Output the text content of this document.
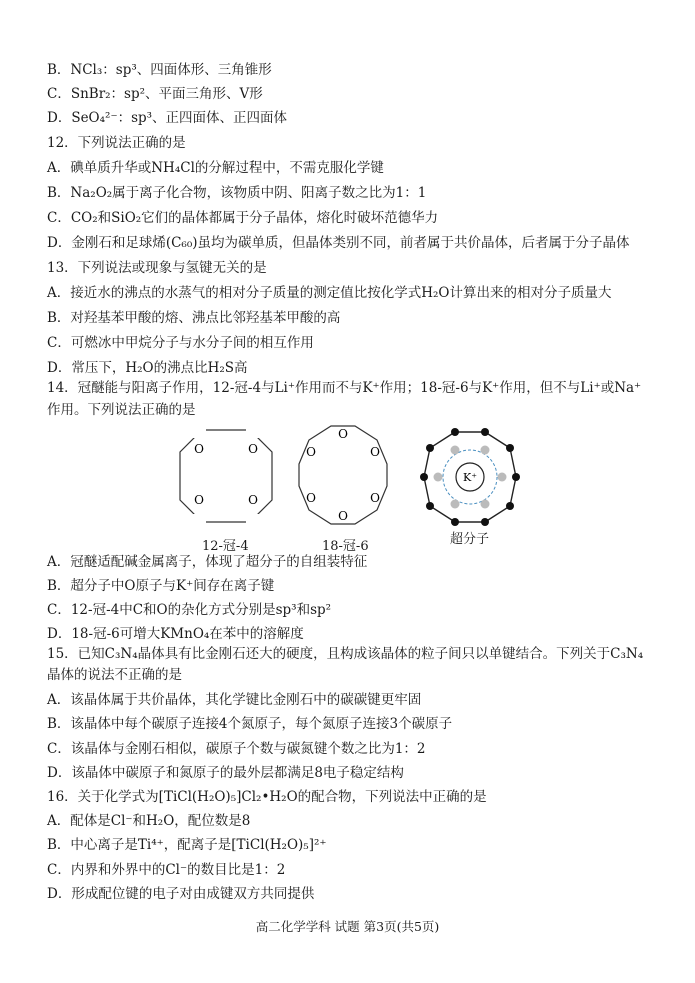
B．NCl₃：sp³、四面体形、三角锥形
C．SnBr₂：sp²、平面三角形、V形
D．SeO₄²⁻：sp³、正四面体、正四面体
12．下列说法正确的是
A．碘单质升华或NH₄Cl的分解过程中，不需克服化学键
B．Na₂O₂属于离子化合物，该物质中阴、阳离子数之比为1：1
C．CO₂和SiO₂它们的晶体都属于分子晶体，熔化时破坏范德华力
D．金刚石和足球烯(C₆₀)虽均为碳单质，但晶体类别不同，前者属于共价晶体，后者属于分子晶体
13．下列说法或现象与氢键无关的是
A．接近水的沸点的水蒸气的相对分子质量的测定值比按化学式H₂O计算出来的相对分子质量大
B．对羟基苯甲酸的熔、沸点比邻羟基苯甲酸的高
C．可燃冰中甲烷分子与水分子间的相互作用
D．常压下，H₂O的沸点比H₂S高
14．冠醚能与阳离子作用，12-冠-4与Li⁺作用而不与K⁺作用；18-冠-6与K⁺作用，但不与Li⁺或Na⁺
作用。下列说法正确的是
O	O
O	O
12-冠-4
O
O
O
O
O
O
18-冠-6
K⁺
超分子
A．冠醚适配碱金属离子，体现了超分子的自组装特征
B．超分子中O原子与K⁺间存在离子键
C．12-冠-4中C和O的杂化方式分别是sp³和sp²
D．18-冠-6可增大KMnO₄在苯中的溶解度
15．已知C₃N₄晶体具有比金刚石还大的硬度，且构成该晶体的粒子间只以单键结合。下列关于C₃N₄
晶体的说法不正确的是
A．该晶体属于共价晶体，其化学键比金刚石中的碳碳键更牢固
B．该晶体中每个碳原子连接4个氮原子，每个氮原子连接3个碳原子
C．该晶体与金刚石相似，碳原子个数与碳氮键个数之比为1：2
D．该晶体中碳原子和氮原子的最外层都满足8电子稳定结构
16．关于化学式为[TiCl(H₂O)₅]Cl₂•H₂O的配合物，下列说法中正确的是
A．配体是Cl⁻和H₂O，配位数是8
B．中心离子是Ti⁴⁺，配离子是[TiCl(H₂O)₅]²⁺
C．内界和外界中的Cl⁻的数目比是1：2
D．形成配位键的电子对由成键双方共同提供
高二化学学科 试题 第3页(共5页)
